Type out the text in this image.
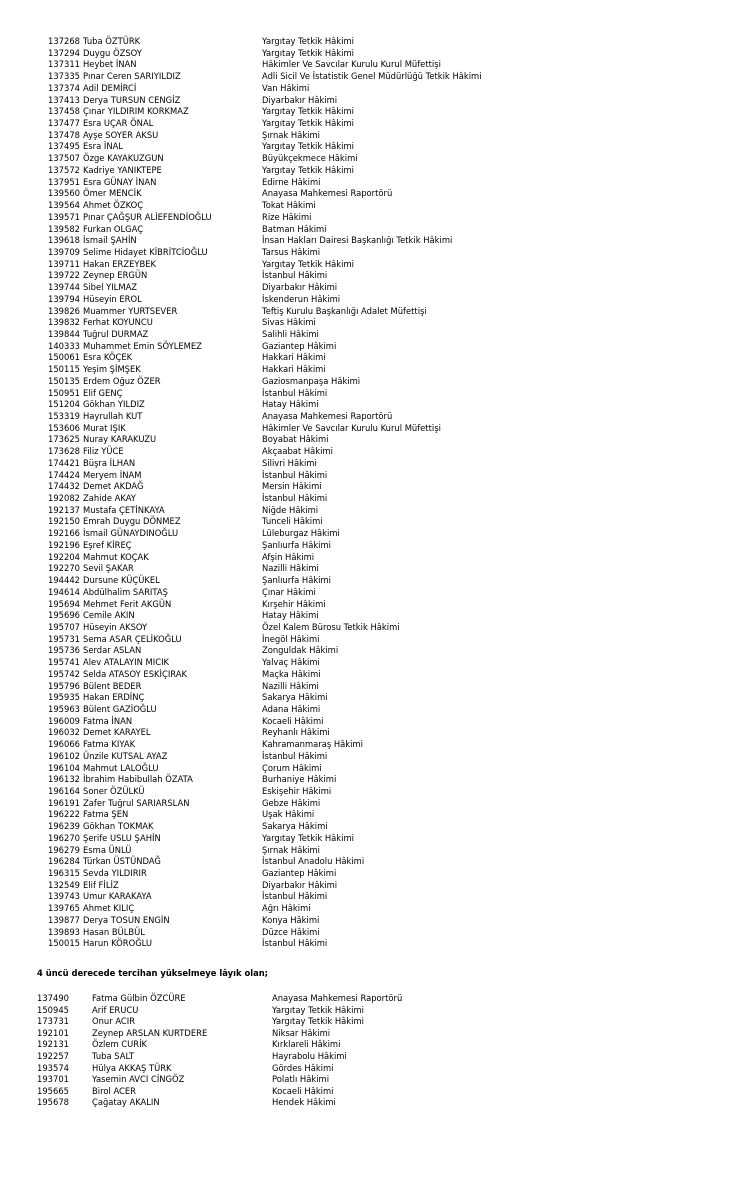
137268 Tuba ÖZTÜRK	Yargıtay Tetkik Hâkimi
137294 Duygu ÖZSOY	Yargıtay Tetkik Hâkimi
137311 Heybet İNAN	Hâkimler Ve Savcılar Kurulu Kurul Müfettişi
137335 Pınar Ceren SARIYILDIZ	Adli Sicil Ve İstatistik Genel Müdürlüğü Tetkik Hâkimi
137374 Adil DEMİRCİ	Van Hâkimi
137413 Derya TURSUN CENGİZ	Diyarbakır Hâkimi
137458 Çınar YILDIRIM KORKMAZ	Yargıtay Tetkik Hâkimi
137477 Esra UÇAR ÖNAL	Yargıtay Tetkik Hâkimi
137478 Ayşe SOYER AKSU	Şırnak Hâkimi
137495 Esra İNAL	Yargıtay Tetkik Hâkimi
137507 Özge KAYAKUZGUN	Büyükçekmece Hâkimi
137572 Kadriye YANIKTEPE	Yargıtay Tetkik Hâkimi
137951 Esra GÜNAY İNAN	Edirne Hâkimi
139560 Ömer MENCİK	Anayasa Mahkemesi Raportörü
139564 Ahmet ÖZKOÇ	Tokat Hâkimi
139571 Pınar ÇAĞŞUR ALİEFENDİOĞLU	Rize Hâkimi
139582 Furkan OLGAÇ	Batman Hâkimi
139618 İsmail ŞAHİN	İnsan Hakları Dairesi Başkanlığı Tetkik Hâkimi
139709 Selime Hidayet KİBRİTCİOĞLU	Tarsus Hâkimi
139711 Hakan ERZEYBEK	Yargıtay Tetkik Hâkimi
139722 Zeynep ERGÜN	İstanbul Hâkimi
139744 Sibel YILMAZ	Diyarbakır Hâkimi
139794 Hüseyin EROL	İskenderun Hâkimi
139826 Muammer YURTSEVER	Teftiş Kurulu Başkanlığı Adalet Müfettişi
139832 Ferhat KOYUNCU	Sivas Hâkimi
139844 Tuğrul DURMAZ	Salihli Hâkimi
140333 Muhammet Emin SÖYLEMEZ	Gaziantep Hâkimi
150061 Esra KÖÇEK	Hakkari Hâkimi
150115 Yeşim ŞİMŞEK	Hakkari Hâkimi
150135 Erdem Oğuz ÖZER	Gaziosmanpaşa Hâkimi
150951 Elif GENÇ	İstanbul Hâkimi
151204 Gökhan YILDIZ	Hatay Hâkimi
153319 Hayrullah KUT	Anayasa Mahkemesi Raportörü
153606 Murat IŞIK	Hâkimler Ve Savcılar Kurulu Kurul Müfettişi
173625 Nuray KARAKUZU	Boyabat Hâkimi
173628 Filiz YÜCE	Akçaabat Hâkimi
174421 Büşra İLHAN	Silivri Hâkimi
174424 Meryem İNAM	İstanbul Hâkimi
174432 Demet AKDAĞ	Mersin Hâkimi
192082 Zahide AKAY	İstanbul Hâkimi
192137 Mustafa ÇETİNKAYA	Niğde Hâkimi
192150 Emrah Duygu DÖNMEZ	Tunceli Hâkimi
192166 İsmail GÜNAYDINOĞLU	Lüleburgaz Hâkimi
192196 Eşref KİREÇ	Şanlıurfa Hâkimi
192204 Mahmut KOÇAK	Afşin Hâkimi
192270 Sevil ŞAKAR	Nazilli Hâkimi
194442 Dursune KÜÇÜKEL	Şanlıurfa Hâkimi
194614 Abdülhalim SARITAŞ	Çınar Hâkimi
195694 Mehmet Ferit AKGÜN	Kırşehir Hâkimi
195696 Cemile AKIN	Hatay Hâkimi
195707 Hüseyin AKSOY	Özel Kalem Bürosu Tetkik Hâkimi
195731 Sema ASAR ÇELİKOĞLU	İnegöl Hâkimi
195736 Serdar ASLAN	Zonguldak Hâkimi
195741 Alev ATALAYIN MICIK	Yalvaç Hâkimi
195742 Selda ATASOY ESKİÇIRAK	Maçka Hâkimi
195796 Bülent BEDER	Nazilli Hâkimi
195935 Hakan ERDİNÇ	Sakarya Hâkimi
195963 Bülent GAZİOĞLU	Adana Hâkimi
196009 Fatma İNAN	Kocaeli Hâkimi
196032 Demet KARAYEL	Reyhanlı Hâkimi
196066 Fatma KIYAK	Kahramanmaraş Hâkimi
196102 Ünzile KUTSAL AYAZ	İstanbul Hâkimi
196104 Mahmut LALOĞLU	Çorum Hâkimi
196132 İbrahim Habibullah ÖZATA	Burhaniye Hâkimi
196164 Soner ÖZÜLKÜ	Eskişehir Hâkimi
196191 Zafer Tuğrul SARIARSLAN	Gebze Hâkimi
196222 Fatma ŞEN	Uşak Hâkimi
196239 Gökhan TOKMAK	Sakarya Hâkimi
196270 Şerife USLU ŞAHİN	Yargıtay Tetkik Hâkimi
196279 Esma ÜNLÜ	Şırnak Hâkimi
196284 Türkan ÜSTÜNDAĞ	İstanbul Anadolu Hâkimi
196315 Sevda YILDIRIR	Gaziantep Hâkimi
132549 Elif FİLİZ	Diyarbakır Hâkimi
139743 Umur KARAKAYA	İstanbul Hâkimi
139765 Ahmet KILIÇ	Ağrı Hâkimi
139877 Derya TOSUN ENGİN	Konya Hâkimi
139893 Hasan BÜLBÜL	Düzce Hâkimi
150015 Harun KÖROĞLU	İstanbul Hâkimi
4 üncü derecede tercihan yükselmeye lâyık olan;
137490	Fatma Gülbin ÖZCÜRE	Anayasa Mahkemesi Raportörü
150945	Arif ERUCU	Yargıtay Tetkik Hâkimi
173731	Onur ACIR	Yargıtay Tetkik Hâkimi
192101	Zeynep ARSLAN KURTDERE	Niksar Hâkimi
192131	Özlem CURİK	Kırklareli Hâkimi
192257	Tuba SALT	Hayrabolu Hâkimi
193574	Hülya AKKAŞ TÜRK	Gördes Hâkimi
193701	Yasemin AVCI CİNGÖZ	Polatlı Hâkimi
195665	Birol ACER	Kocaeli Hâkimi
195678	Çağatay AKALIN	Hendek Hâkimi
